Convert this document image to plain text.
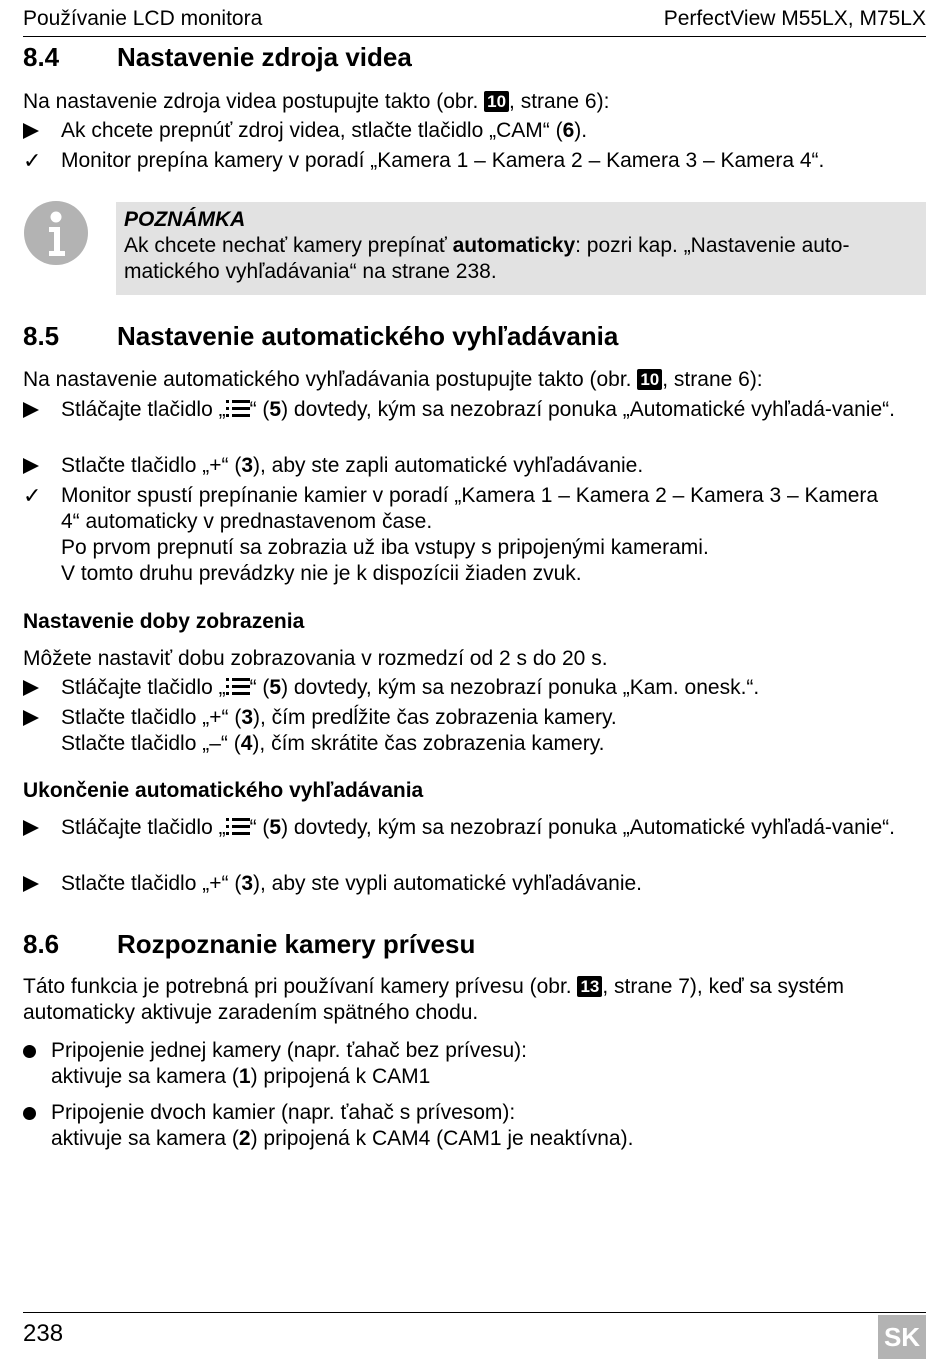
Používanie LCD monitora	PerfectView M55LX, M75LX
8.4 Nastavenie zdroja videa
Na nastavenie zdroja videa postupujte takto (obr. 10 , strane 6):
Ak chcete prepnúť zdroj videa, stlačte tlačidlo „CAM“ (6).
✓ Monitor prepína kamery v poradí „Kamera 1 – Kamera 2 – Kamera 3 – Kamera 4“.
POZNÁMKA
Ak chcete nechať kamery prepínať automaticky: pozri kap. „Nastavenie auto-matického vyhľadávania“ na strane 238.
8.5 Nastavenie automatického vyhľadávania
Na nastavenie automatického vyhľadávania postupujte takto (obr. 10 , strane 6):
Stláčajte tlačidlo „ “ (5) dovtedy, kým sa nezobrazí ponuka „Automatické vyhľadá-vanie“.
Stlačte tlačidlo „+“ (3), aby ste zapli automatické vyhľadávanie.
✓ Monitor spustí prepínanie kamier v poradí „Kamera 1 – Kamera 2 – Kamera 3 – Kamera 4“ automaticky v prednastavenom čase.
Po prvom prepnutí sa zobrazia už iba vstupy s pripojenými kamerami.
V tomto druhu prevádzky nie je k dispozícii žiaden zvuk.
Nastavenie doby zobrazenia
Môžete nastaviť dobu zobrazovania v rozmedzí od 2 s do 20 s.
Stláčajte tlačidlo „ “ (5) dovtedy, kým sa nezobrazí ponuka „Kam. onesk.“.
Stlačte tlačidlo „+“ (3), čím predĺžite čas zobrazenia kamery.
Stlačte tlačidlo „–“ (4), čím skrátite čas zobrazenia kamery.
Ukončenie automatického vyhľadávania
Stláčajte tlačidlo „ “ (5) dovtedy, kým sa nezobrazí ponuka „Automatické vyhľadá-vanie“.
Stlačte tlačidlo „+“ (3), aby ste vypli automatické vyhľadávanie.
8.6 Rozpoznanie kamery prívesu
Táto funkcia je potrebná pri používaní kamery prívesu (obr. 13 , strane 7), keď sa systém automaticky aktivuje zaradením spätného chodu.
Pripojenie jednej kamery (napr. ťahač bez prívesu):
aktivuje sa kamera (1) pripojená k CAM1
Pripojenie dvoch kamier (napr. ťahač s prívesom):
aktivuje sa kamera (2) pripojená k CAM4 (CAM1 je neaktívna).
238	SK
